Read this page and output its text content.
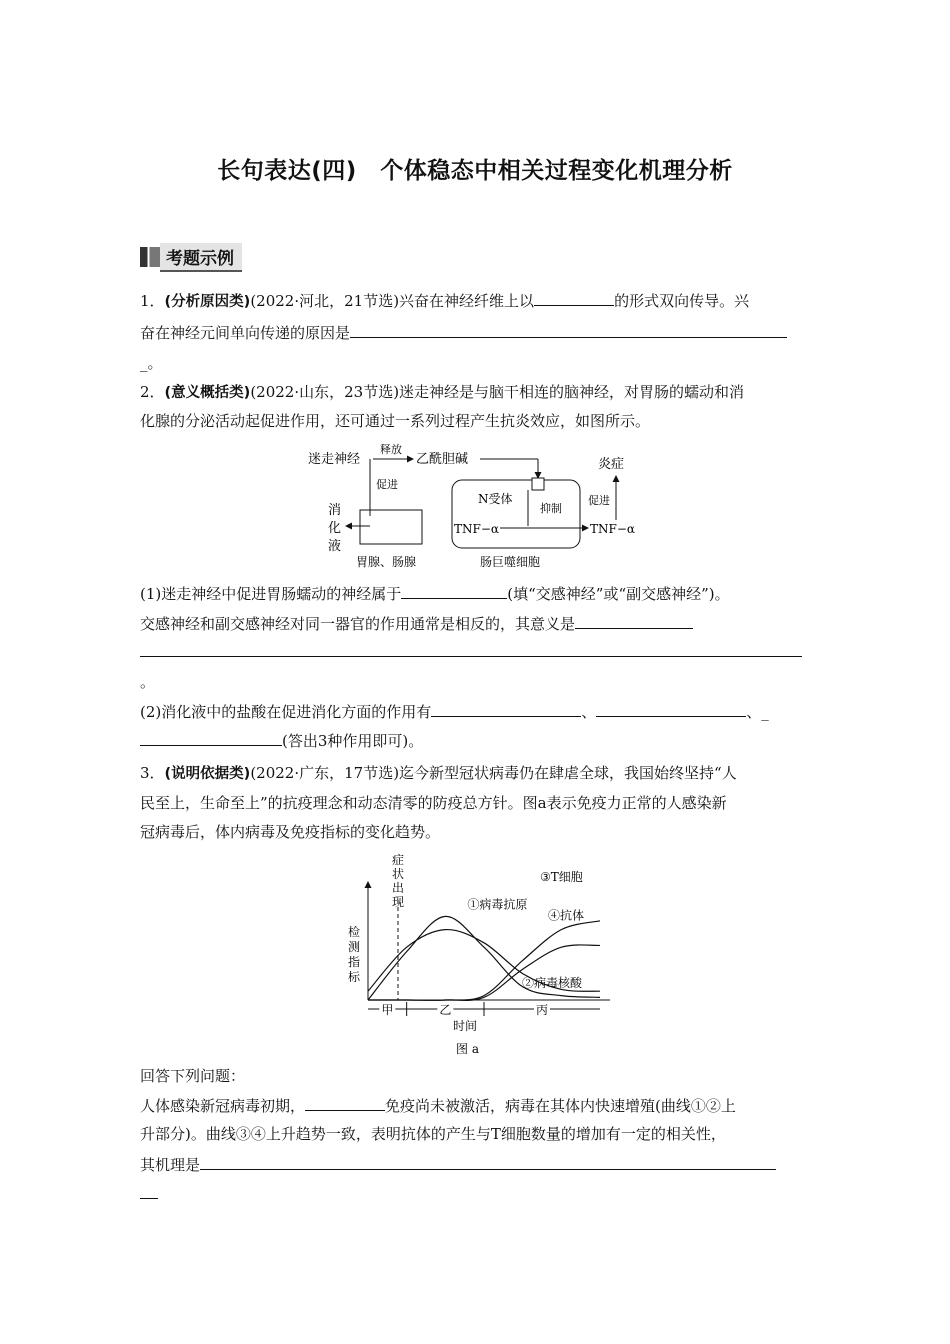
长句表达(四)　个体稳态中相关过程变化机理分析
考题示例
1．(分析原因类)(2022·河北，21节选)兴奋在神经纤维上以	的形式双向传导。兴
奋在神经元间单向传递的原因是
_。
2．(意义概括类)(2022·山东，23节选)迷走神经是与脑干相连的脑神经，对胃肠的蠕动和消
化腺的分泌活动起促进作用，还可通过一系列过程产生抗炎效应，如图所示。
迷走神经
释放
乙酰胆碱
促进
消
化
液
胃腺、肠腺
N受体
抑制
TNF−α	TNF−α
肠巨噬细胞
促进
炎症
(1)迷走神经中促进胃肠蠕动的神经属于	(填“交感神经”或“副交感神经”)。
交感神经和副交感神经对同一器官的作用通常是相反的，其意义是
。
(2)消化液中的盐酸在促进消化方面的作用有	、	、_
(答出3种作用即可)。
3．(说明依据类)(2022·广东，17节选)迄今新型冠状病毒仍在肆虐全球，我国始终坚持“人
民至上，生命至上”的抗疫理念和动态清零的防疫总方针。图a表示免疫力正常的人感染新
冠病毒后，体内病毒及免疫指标的变化趋势。
检
测
指
标
症
状
出
现	①病毒抗原
②病毒核酸
③T细胞
④抗体
甲	乙	丙
时间
图 a
回答下列问题：
人体感染新冠病毒初期，	免疫尚未被激活，病毒在其体内快速增殖(曲线①②上
升部分)。曲线③④上升趋势一致，表明抗体的产生与T细胞数量的增加有一定的相关性，
其机理是
